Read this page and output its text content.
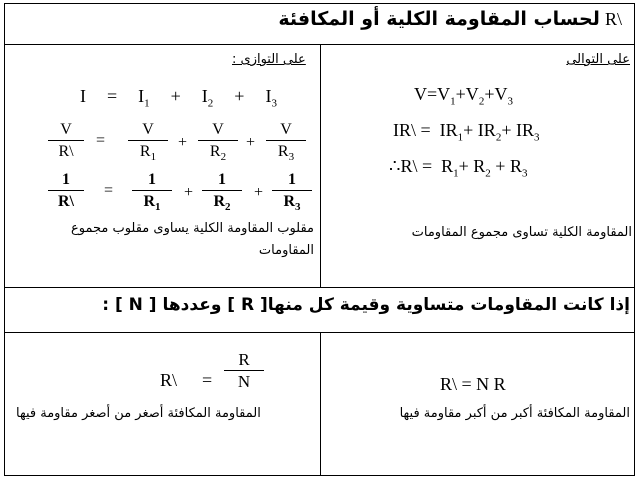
لحساب المقاومة الكلية أو المكافئة R\
على التوالى
$V=V_1+V_2+V_3$
IR\ =  $IR_1+ IR_2+ IR_3$
∴R\ =  $R_1+ R_2 + R_3$
المقاومة الكلية تساوى مجموع المقاومات
على التوازى :
$I = I_1 + I_2 + I_3$
$\frac{V}{R\backslash} = \frac{V}{R_1} + \frac{V}{R_2} + \frac{V}{R_3}$
$\frac{1}{R\backslash} = \frac{1}{R_1} + \frac{1}{R_2} + \frac{1}{R_3}$
مقلوب المقاومة الكلية يساوى مقلوب مجموع المقاومات
إذا كانت المقاومات متساوية وقيمة كل منها[ R ] وعددها [ N ] :
R\ = N R
المقاومة المكافئة أكبر من أكبر مقاومة فيها
R\ = $\frac{R}{N}$
المقاومة المكافئة أصغر من أصغر مقاومة فيها
